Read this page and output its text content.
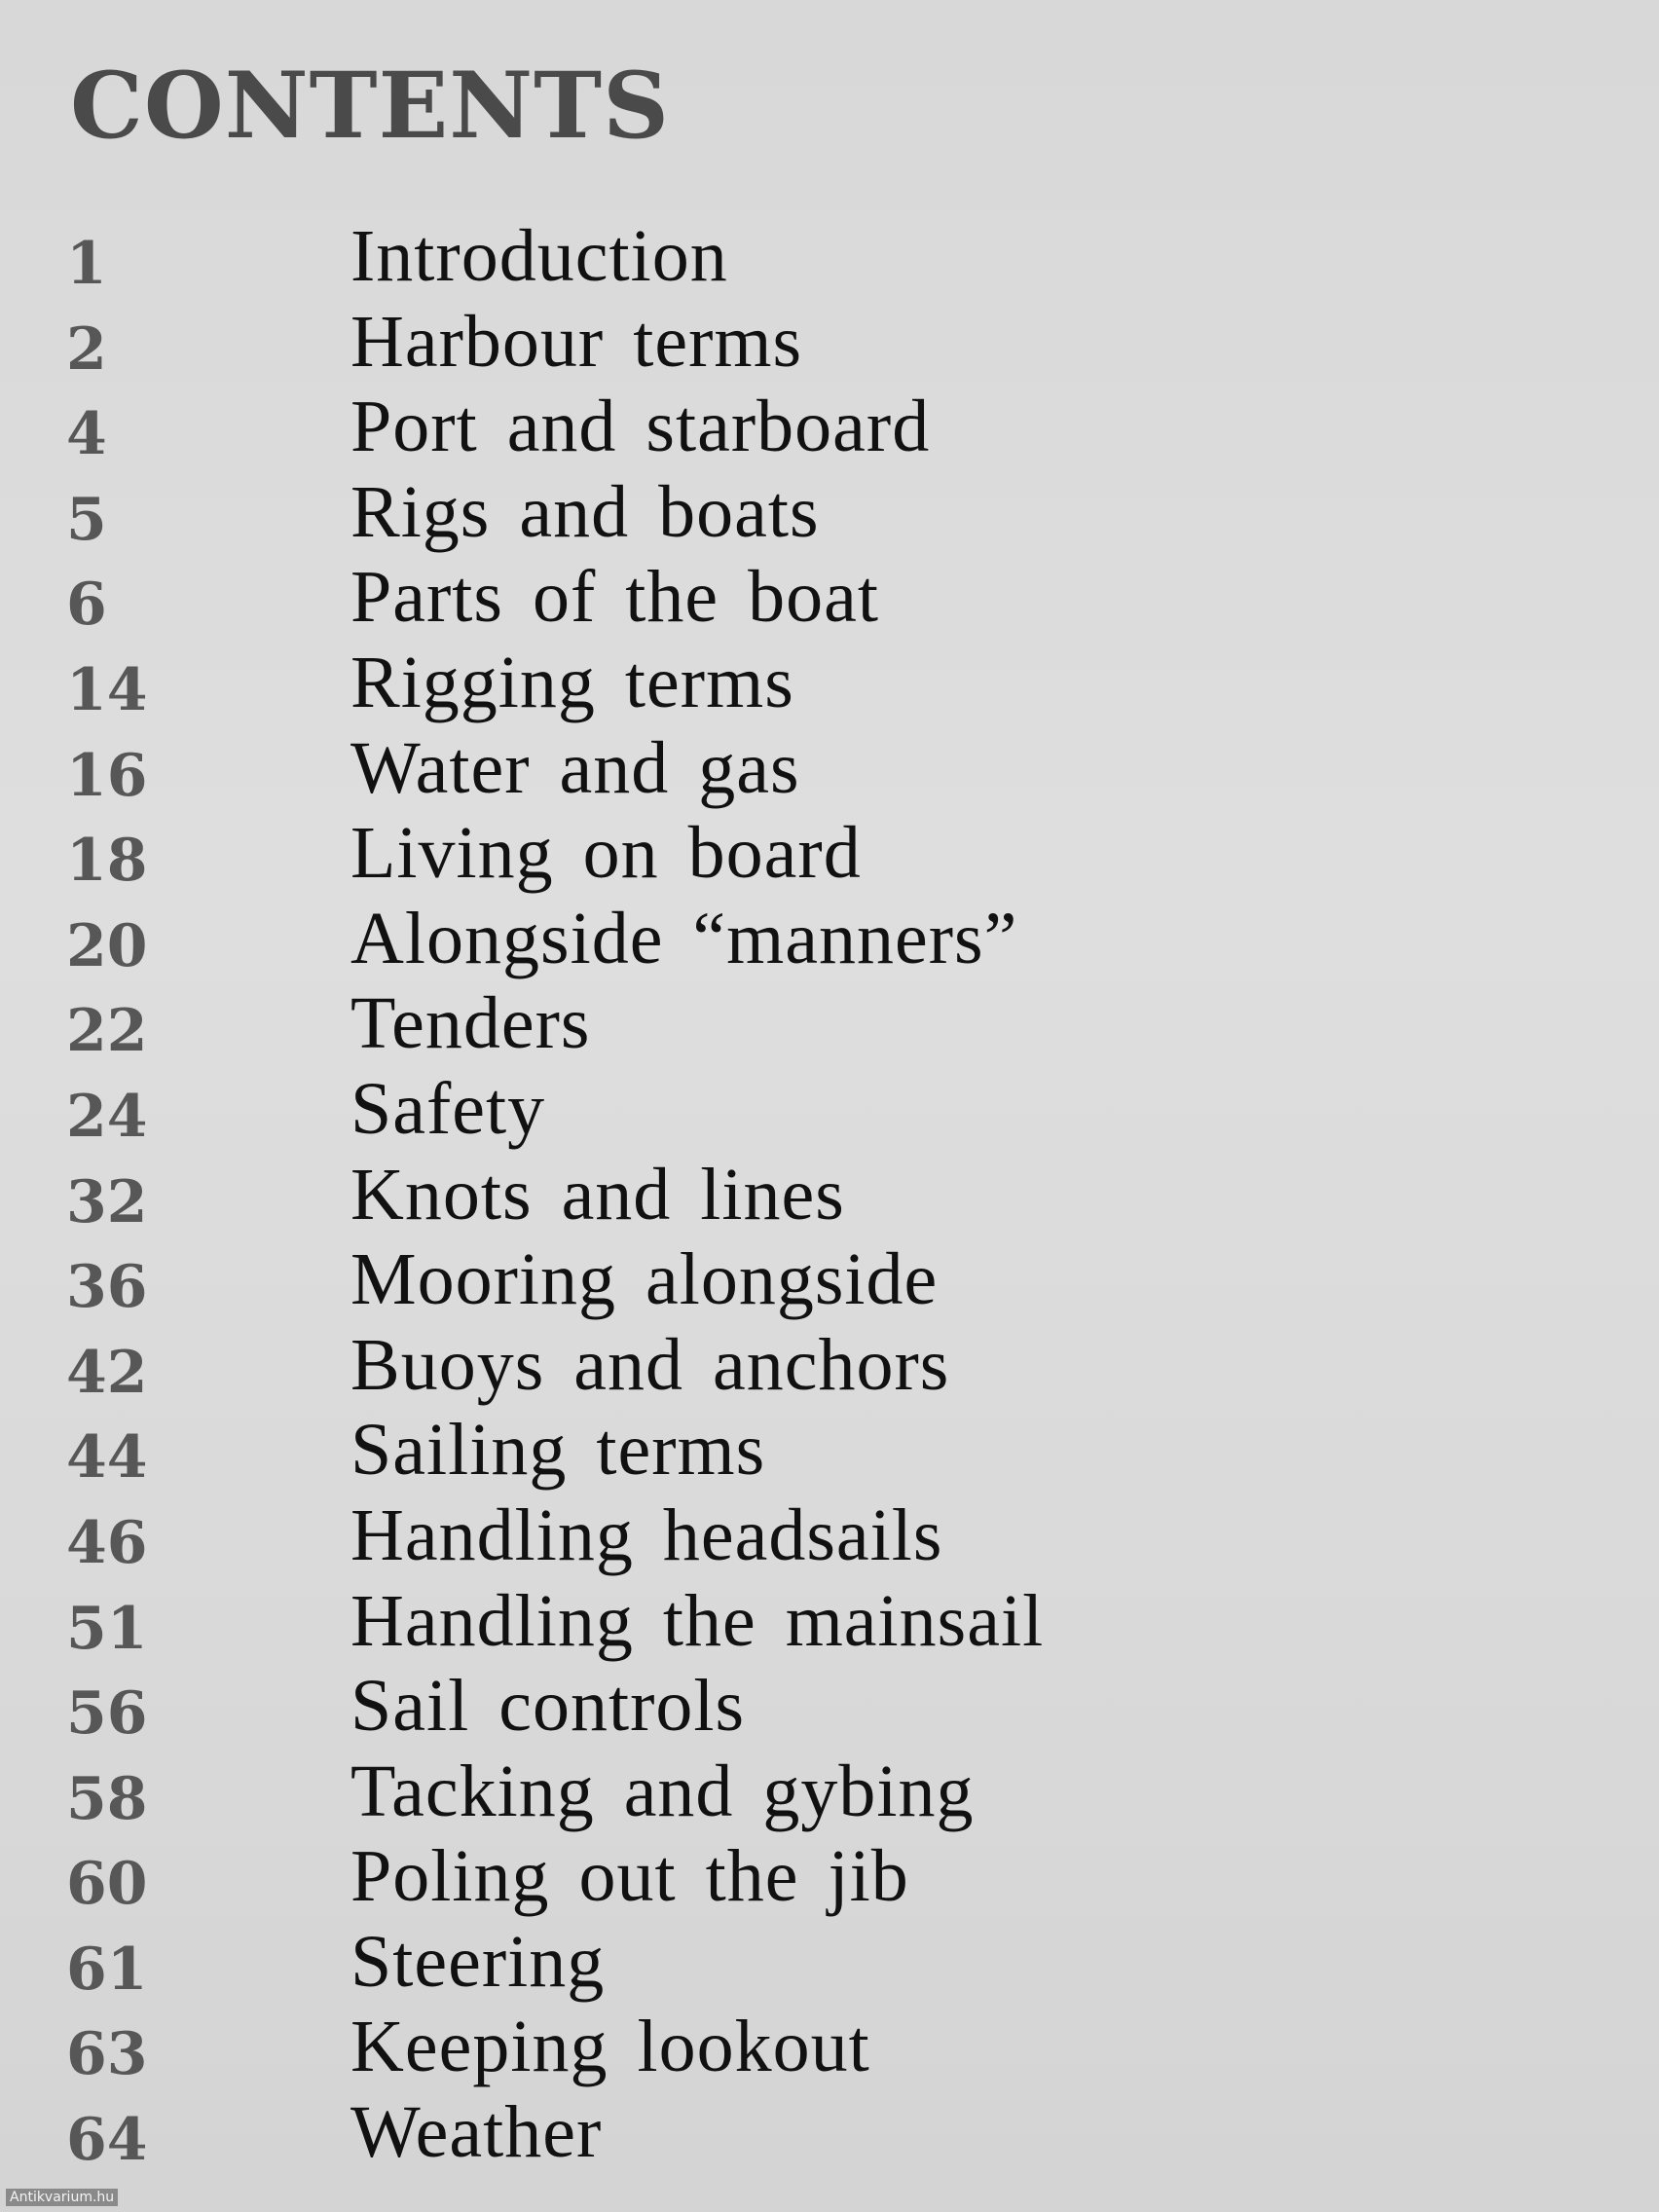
CONTENTS
1	Introduction
2	Harbour terms
4	Port and starboard
5	Rigs and boats
6	Parts of the boat
14	Rigging terms
16	Water and gas
18	Living on board
20	Alongside “manners”
22	Tenders
24	Safety
32	Knots and lines
36	Mooring alongside
42	Buoys and anchors
44	Sailing terms
46	Handling headsails
51	Handling the mainsail
56	Sail controls
58	Tacking and gybing
60	Poling out the jib
61	Steering
63	Keeping lookout
64	Weather
Antikvarium.hu
